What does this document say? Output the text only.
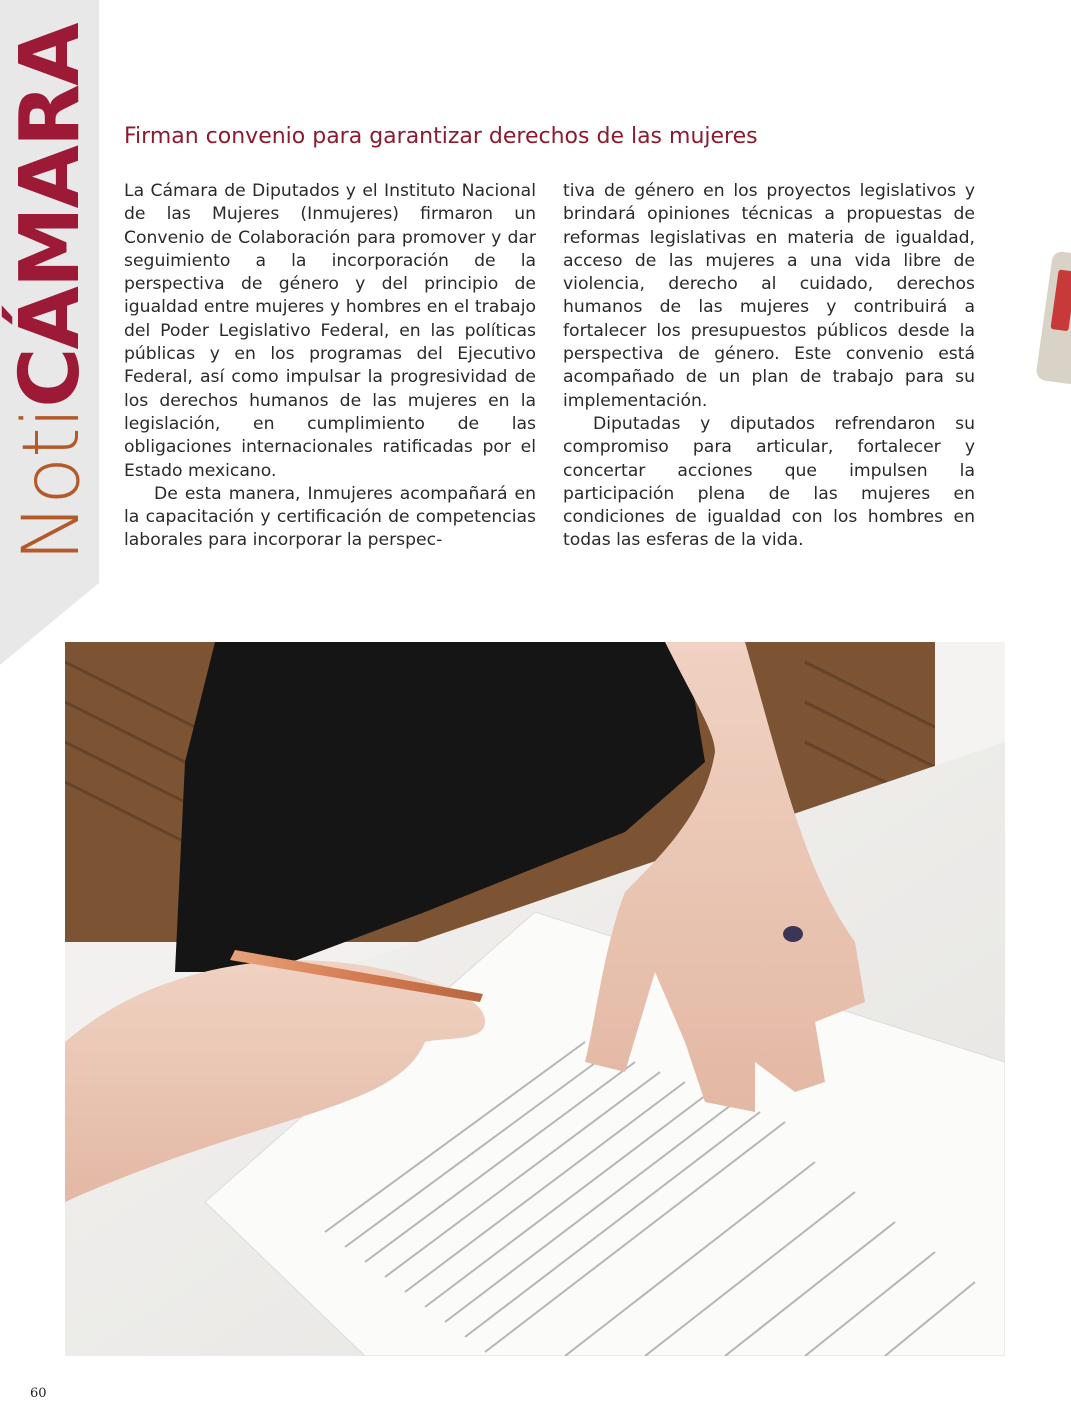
NotiCÁMARA Firman convenio para garantizar derechos de las mujeres

La Cámara de Diputados y el Instituto Nacional de las Mujeres (Inmujeres) firmaron un Convenio de Colaboración para promover y dar seguimiento a la incorporación de la perspectiva de género y del principio de igualdad entre mujeres y hombres en el trabajo del Poder Legislativo Federal, en las políticas públicas y en los programas del Ejecutivo Federal, así como impulsar la progresividad de los derechos humanos de las mujeres en la legislación, en cumplimiento de las obligaciones internacionales ratificadas por el Estado mexicano.

De esta manera, Inmujeres acompañará en la capacitación y certificación de competencias laborales para incorporar la perspec-

tiva de género en los proyectos legislativos y brindará opiniones técnicas a propuestas de reformas legislativas en materia de igualdad, acceso de las mujeres a una vida libre de violencia, derecho al cuidado, derechos humanos de las mujeres y contribuirá a fortalecer los presupuestos públicos desde la perspectiva de género. Este convenio está acompañado de un plan de trabajo para su implementación.

Diputadas y diputados refrendaron su compromiso para articular, fortalecer y concertar acciones que impulsen la participación plena de las mujeres en condiciones de igualdad con los hombres en todas las esferas de la vida.

60
